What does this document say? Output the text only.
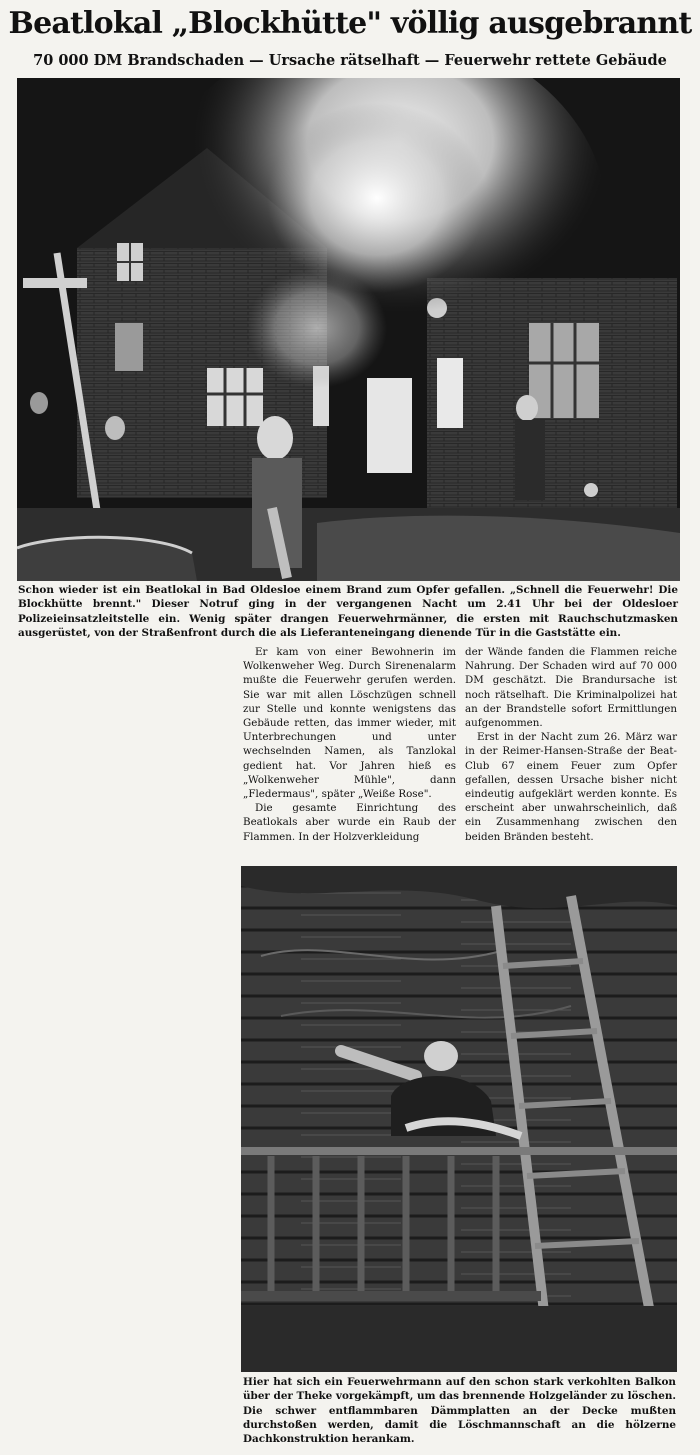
Beatlokal „Blockhütte" völlig ausgebrannt
70 000 DM Brandschaden — Ursache rätselhaft — Feuerwehr rettete Gebäude
Schon wieder ist ein Beatlokal in Bad Oldesloe einem Brand zum Opfer gefallen. „Schnell die Feuerwehr! Die Blockhütte brennt." Dieser Notruf ging in der vergangenen Nacht um 2.41 Uhr bei der Oldesloer Polizeieinsatzleitstelle ein. Wenig später drangen Feuerwehrmänner, die ersten mit Rauchschutzmasken ausgerüstet, von der Straßenfront durch die als Lieferanteneingang dienende Tür in die Gaststätte ein.

Er kam von einer Bewohnerin im Wolkenweher Weg. Durch Sirenenalarm mußte die Feuerwehr gerufen werden. Sie war mit allen Löschzügen schnell zur Stelle und konnte wenigstens das Gebäude retten, das immer wieder, mit Unterbrechungen und unter wechselnden Namen, als Tanzlokal gedient hat. Vor Jahren hieß es „Wolkenweher Mühle", dann „Fledermaus", später „Weiße Rose".

Die gesamte Einrichtung des Beatlokals aber wurde ein Raub der Flammen. In der Holzverkleidung

der Wände fanden die Flammen reiche Nahrung. Der Schaden wird auf 70 000 DM geschätzt. Die Brandursache ist noch rätselhaft. Die Kriminalpolizei hat an der Brandstelle sofort Ermittlungen aufgenommen.

Erst in der Nacht zum 26. März war in der Reimer-Hansen-Straße der Beat-Club 67 einem Feuer zum Opfer gefallen, dessen Ursache bisher nicht eindeutig aufgeklärt werden konnte. Es erscheint aber unwahrscheinlich, daß ein Zusammenhang zwischen den beiden Bränden besteht.

Hier hat sich ein Feuerwehrmann auf den schon stark verkohlten Balkon über der Theke vorgekämpft, um das brennende Holzgeländer zu löschen. Die schwer entflammbaren Dämmplatten an der Decke mußten durchstoßen werden, damit die Löschmannschaft an die hölzerne Dachkonstruktion herankam.
